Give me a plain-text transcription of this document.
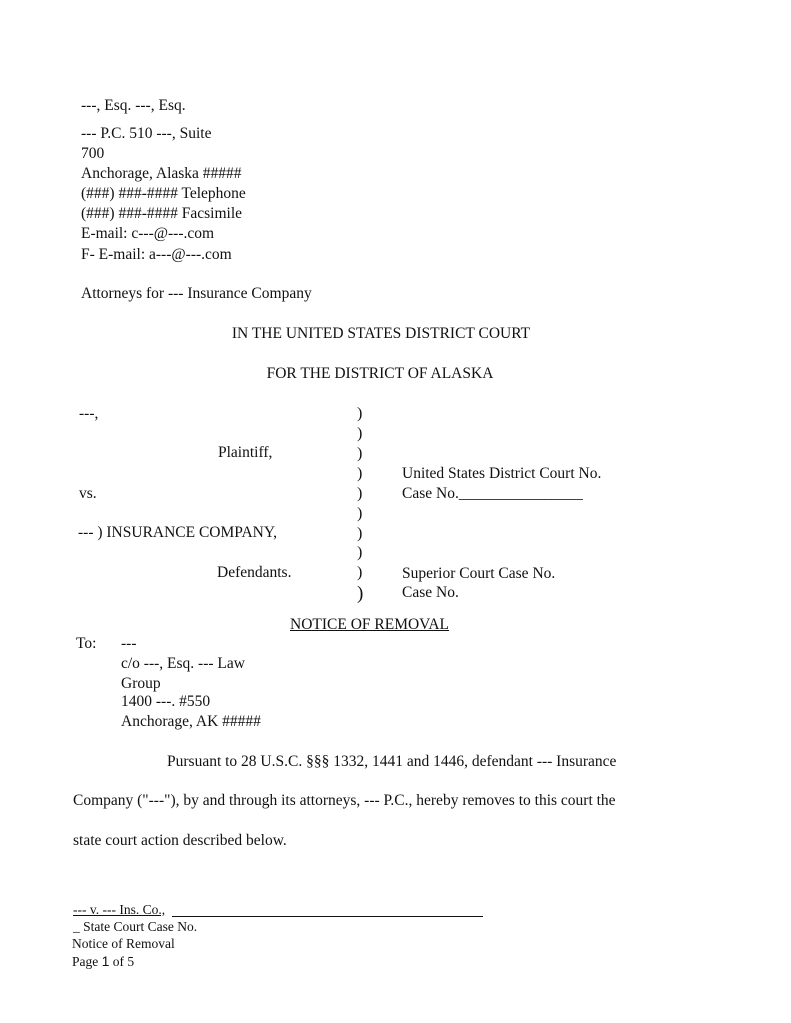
---, Esq. ---, Esq.
--- P.C. 510 ---, Suite
700
Anchorage, Alaska #####
(###) ###-#### Telephone
(###) ###-#### Facsimile
E-mail: c---@---.com
F- E-mail: a---@---.com
Attorneys for --- Insurance Company
IN THE UNITED STATES DISTRICT COURT
FOR THE DISTRICT OF ALASKA
---,
Plaintiff,
vs.
--- ) INSURANCE COMPANY,
Defendants.
)
)
)
)
)
)
)
)
)
)
United States District Court No.
Case No.________________
Superior Court Case No.
Case No.
NOTICE OF REMOVAL
To: ---
c/o ---, Esq. --- Law
Group
1400 ---. #550
Anchorage, AK #####
Pursuant to 28 U.S.C. §§§ 1332, 1441 and 1446, defendant --- Insurance
Company ("---"), by and through its attorneys, --- P.C., hereby removes to this court the
state court action described below.
--- v. --- Ins. Co.,
_ State Court Case No.
Notice of Removal
Page 1 of 5
